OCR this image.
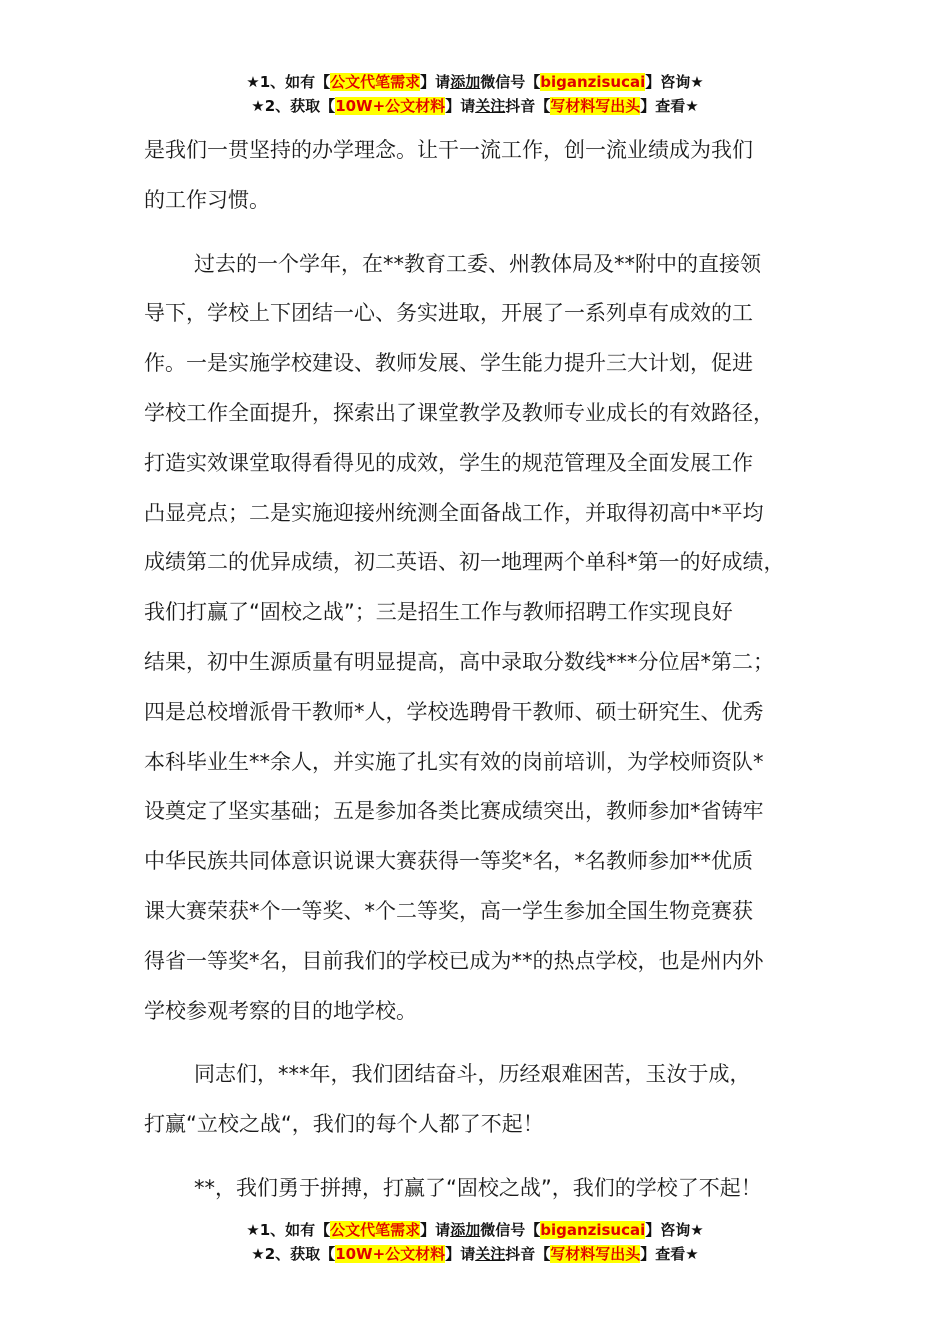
★1、如有【公文代笔需求】请添加微信号【biganzisucai】咨询★
★2、获取【10W+公文材料】请关注抖音【写材料写出头】查看★
是我们一贯坚持的办学理念。让干一流工作，创一流业绩成为我们
的工作习惯。
过去的一个学年，在**教育工委、州教体局及**附中的直接领
导下，学校上下团结一心、务实进取，开展了一系列卓有成效的工
作。一是实施学校建设、教师发展、学生能力提升三大计划，促进
学校工作全面提升，探索出了课堂教学及教师专业成长的有效路径，
打造实效课堂取得看得见的成效，学生的规范管理及全面发展工作
凸显亮点；二是实施迎接州统测全面备战工作，并取得初高中*平均
成绩第二的优异成绩，初二英语、初一地理两个单科*第一的好成绩，
我们打赢了“固校之战”；三是招生工作与教师招聘工作实现良好
结果，初中生源质量有明显提高，高中录取分数线***分位居*第二；
四是总校增派骨干教师*人，学校选聘骨干教师、硕士研究生、优秀
本科毕业生**余人，并实施了扎实有效的岗前培训，为学校师资队*
设奠定了坚实基础；五是参加各类比赛成绩突出，教师参加*省铸牢
中华民族共同体意识说课大赛获得一等奖*名，*名教师参加**优质
课大赛荣获*个一等奖、*个二等奖，高一学生参加全国生物竞赛获
得省一等奖*名，目前我们的学校已成为**的热点学校，也是州内外
学校参观考察的目的地学校。
同志们，***年，我们团结奋斗，历经艰难困苦，玉汝于成，
打赢“立校之战“，我们的每个人都了不起！
**，我们勇于拼搏，打赢了“固校之战”，我们的学校了不起！
★1、如有【公文代笔需求】请添加微信号【biganzisucai】咨询★
★2、获取【10W+公文材料】请关注抖音【写材料写出头】查看★
